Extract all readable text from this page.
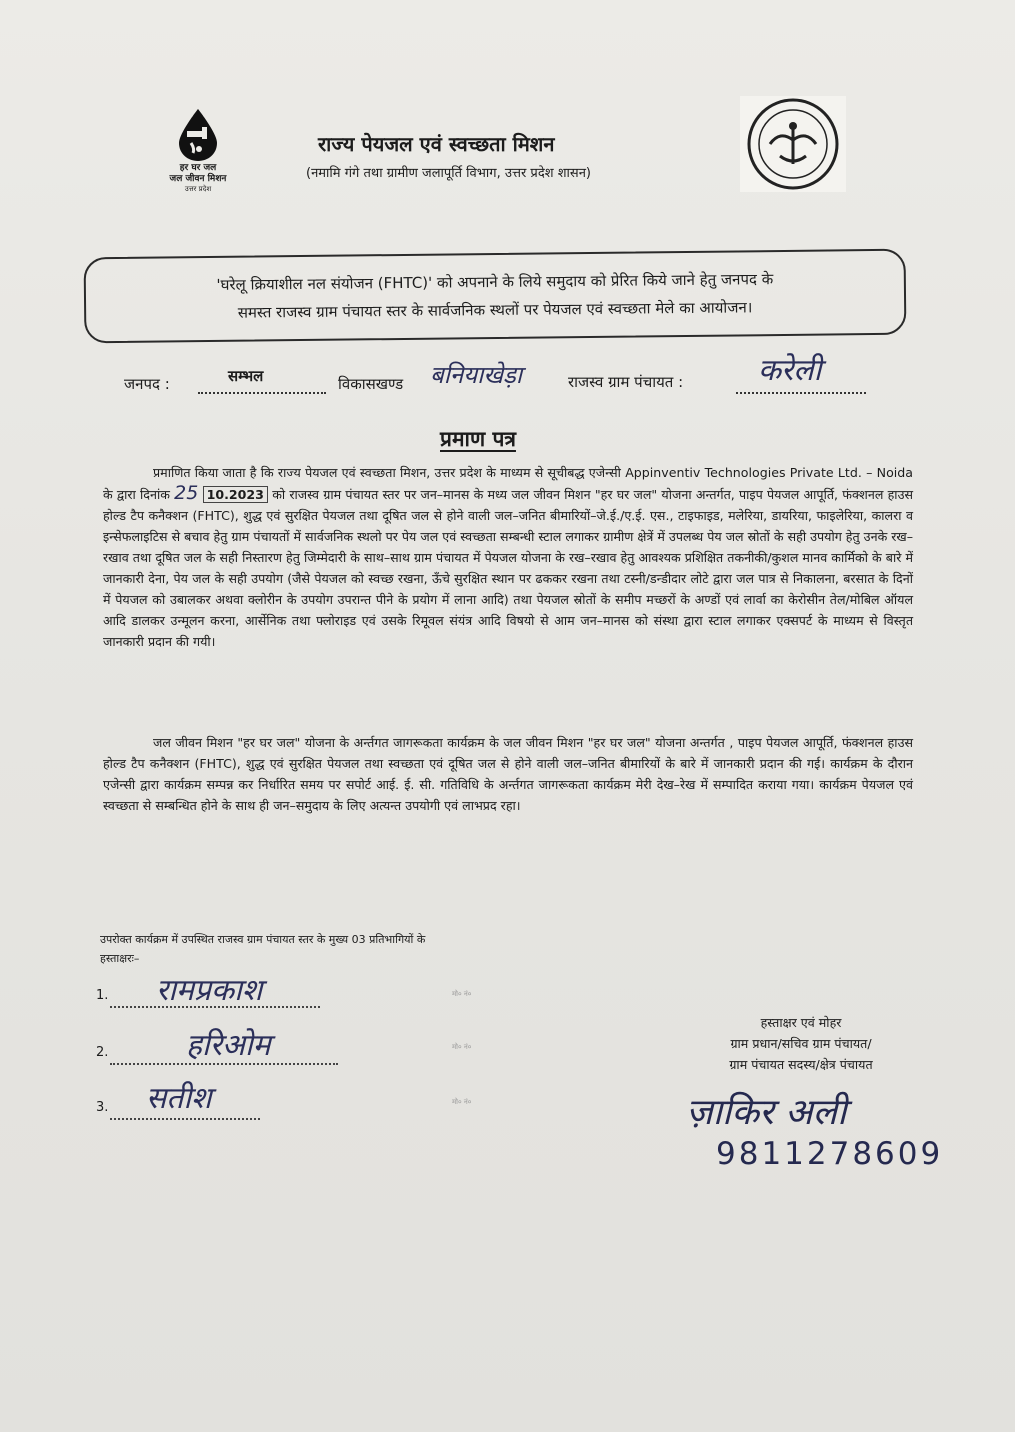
हर घर जल
जल जीवन मिशन
उत्तर प्रदेश
राज्य पेयजल एवं स्वच्छता मिशन
(नमामि गंगे तथा ग्रामीण जलापूर्ति विभाग, उत्तर प्रदेश शासन)
'घरेलू क्रियाशील नल संयोजन (FHTC)' को अपनाने के लिये समुदाय को प्रेरित किये जाने हेतु जनपद के
समस्त राजस्व ग्राम पंचायत स्तर के सार्वजनिक स्थलों पर पेयजल एवं स्वच्छता मेले का आयोजन।
जनपद :	सम्भल	विकासखण्ड बनियाखेड़ा	राजस्व ग्राम पंचायत : करेली
प्रमाण पत्र

प्रमाणित किया जाता है कि राज्य पेयजल एवं स्वच्छता मिशन, उत्तर प्रदेश के माध्यम से सूचीबद्ध एजेन्सी Appinventiv Technologies Private Ltd. – Noida के द्वारा दिनांक 25 10.2023 को राजस्व ग्राम पंचायत स्तर पर जन–मानस के मध्य जल जीवन मिशन "हर घर जल" योजना अन्तर्गत, पाइप पेयजल आपूर्ति, फंक्शनल हाउस होल्ड टैप कनैक्शन (FHTC), शुद्ध एवं सुरक्षित पेयजल तथा दूषित जल से होने वाली जल–जनित बीमारियों–जे.ई./ए.ई. एस., टाइफाइड, मलेरिया, डायरिया, फाइलेरिया, कालरा व इन्सेफलाइटिस से बचाव हेतु ग्राम पंचायतों में सार्वजनिक स्थलो पर पेय जल एवं स्वच्छता सम्बन्धी स्टाल लगाकर ग्रामीण क्षेत्रें में उपलब्ध पेय जल स्रोतों के सही उपयोग हेतु उनके रख–रखाव तथा दूषित जल के सही निस्तारण हेतु जिम्मेदारी के साथ–साथ ग्राम पंचायत में पेयजल योजना के रख–रखाव हेतु आवश्यक प्रशिक्षित तकनीकी/कुशल मानव कार्मिको के बारे में जानकारी देना, पेय जल के सही उपयोग (जैसे पेयजल को स्वच्छ रखना, ऊँचे सुरक्षित स्थान पर ढककर रखना तथा टस्नी/डन्डीदार लोटे द्वारा जल पात्र से निकालना, बरसात के दिनों में पेयजल को उबालकर अथवा क्लोरीन के उपयोग उपरान्त पीने के प्रयोग में लाना आदि) तथा पेयजल स्रोतों के समीप मच्छरों के अण्डों एवं लार्वा का केरोसीन तेल/मोबिल ऑयल आदि डालकर उन्मूलन करना, आर्सेनिक तथा फ्लोराइड एवं उसके रिमूवल संयंत्र आदि विषयो से आम जन–मानस को संस्था द्वारा स्टाल लगाकर एक्सपर्ट के माध्यम से विस्तृत जानकारी प्रदान की गयी।

जल जीवन मिशन "हर घर जल" योजना के अर्न्तगत जागरूकता कार्यक्रम के जल जीवन मिशन "हर घर जल" योजना अन्तर्गत , पाइप पेयजल आपूर्ति, फंक्शनल हाउस होल्ड टैप कनैक्शन (FHTC), शुद्ध एवं सुरक्षित पेयजल तथा स्वच्छता एवं दूषित जल से होने वाली जल–जनित बीमारियों के बारे में जानकारी प्रदान की गई। कार्यक्रम के दौरान एजेन्सी द्वारा कार्यक्रम सम्पन्न कर निर्धारित समय पर सपोर्ट आई. ई. सी. गतिविधि के अर्न्तगत जागरूकता कार्यक्रम मेरी देख–रेख में सम्पादित कराया गया। कार्यक्रम पेयजल एवं स्वच्छता से सम्बन्धित होने के साथ ही जन–समुदाय के लिए अत्यन्त उपयोगी एवं लाभप्रद रहा।

उपरोक्त कार्यक्रम में उपस्थित राजस्व ग्राम पंचायत स्तर के मुख्य 03 प्रतिभागियों के
हस्ताक्षरः–
1. रामप्रकाश	मो० नं०
2.	हरिओम	मो० नं०
3. सतीश	मो० नं०
हस्ताक्षर एवं मोहर
ग्राम प्रधान/सचिव ग्राम पंचायत/
ग्राम पंचायत सदस्य/क्षेत्र पंचायत
ज़ाकिर अली
9811278609
